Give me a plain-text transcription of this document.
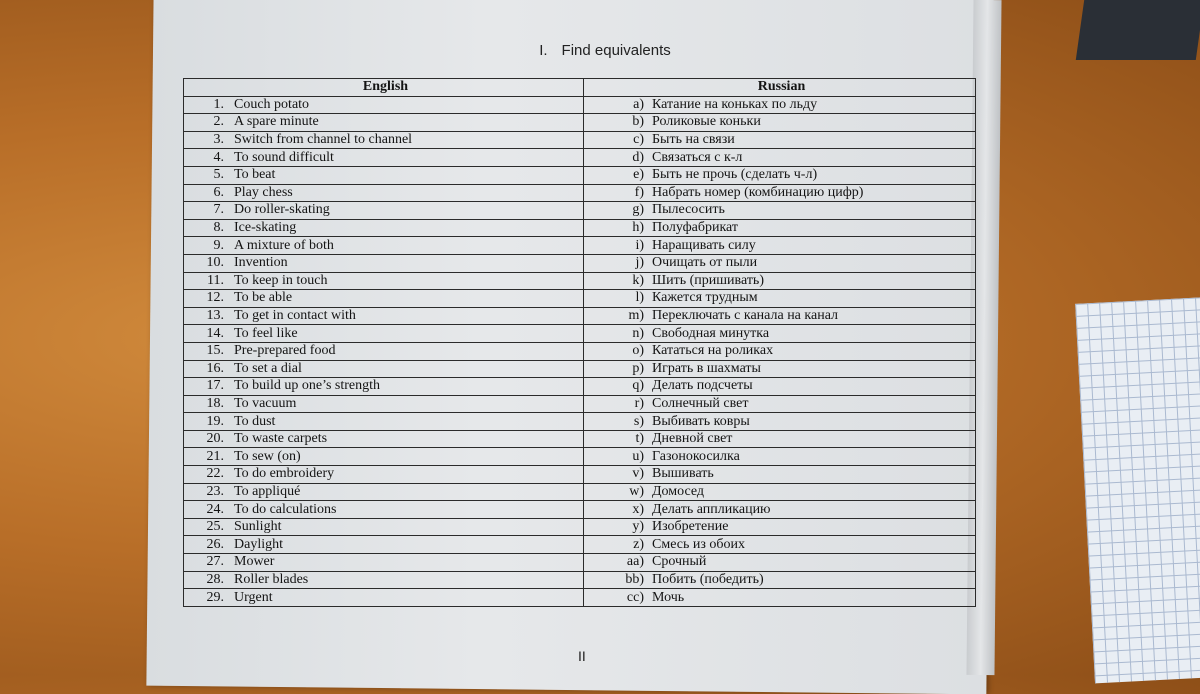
I. Find equivalents
English	Russian
1. Couch potato	a) Катание на коньках по льду
2. A spare minute	b) Роликовые коньки
3. Switch from channel to channel	c) Быть на связи
4. To sound difficult	d) Связаться с к-л
5. To beat	e) Быть не прочь (сделать ч-л)
6. Play chess	f) Набрать номер (комбинацию цифр)
7. Do roller-skating	g) Пылесосить
8. Ice-skating	h) Полуфабрикат
9. A mixture of both	i) Наращивать силу
10. Invention	j) Очищать от пыли
11. To keep in touch	k) Шить (пришивать)
12. To be able	l) Кажется трудным
13. To get in contact with	m) Переключать с канала на канал
14. To feel like	n) Свободная минутка
15. Pre-prepared food	o) Кататься на роликах
16. To set a dial	p) Играть в шахматы
17. To build up one’s strength	q) Делать подсчеты
18. To vacuum	r) Солнечный свет
19. To dust	s) Выбивать ковры
20. To waste carpets	t) Дневной свет
21. To sew (on)	u) Газонокосилка
22. To do embroidery	v) Вышивать
23. To appliqué	w) Домосед
24. To do calculations	x) Делать аппликацию
25. Sunlight	y) Изобретение
26. Daylight	z) Смесь из обоих
27. Mower	aa) Срочный
28. Roller blades	bb) Побить (победить)
29. Urgent	cc) Мочь
II
